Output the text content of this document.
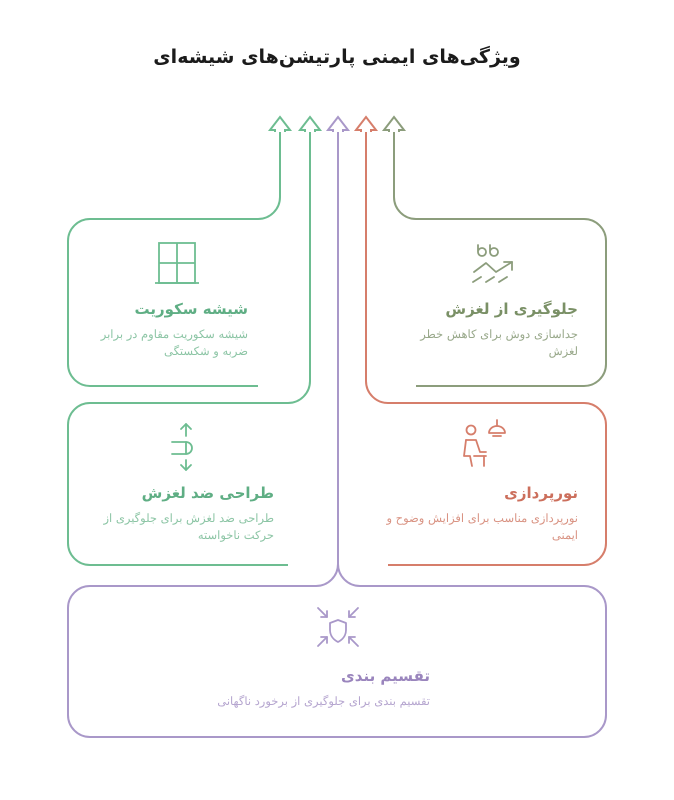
ویژگی‌های ایمنی پارتیشن‌های شیشه‌ای
شیشه سکوریت
شیشه سکوریت مقاوم در برابر ضربه و شکستگی
جلوگیری از لغزش
جداسازی دوش برای کاهش خطر لغزش
طراحی ضد لغزش
طراحی ضد لغزش برای جلوگیری از حرکت ناخواسته
نورپردازی
نورپردازی مناسب برای افزایش وضوح و ایمنی
تقسیم بندی
تقسیم بندی برای جلوگیری از برخورد ناگهانی
